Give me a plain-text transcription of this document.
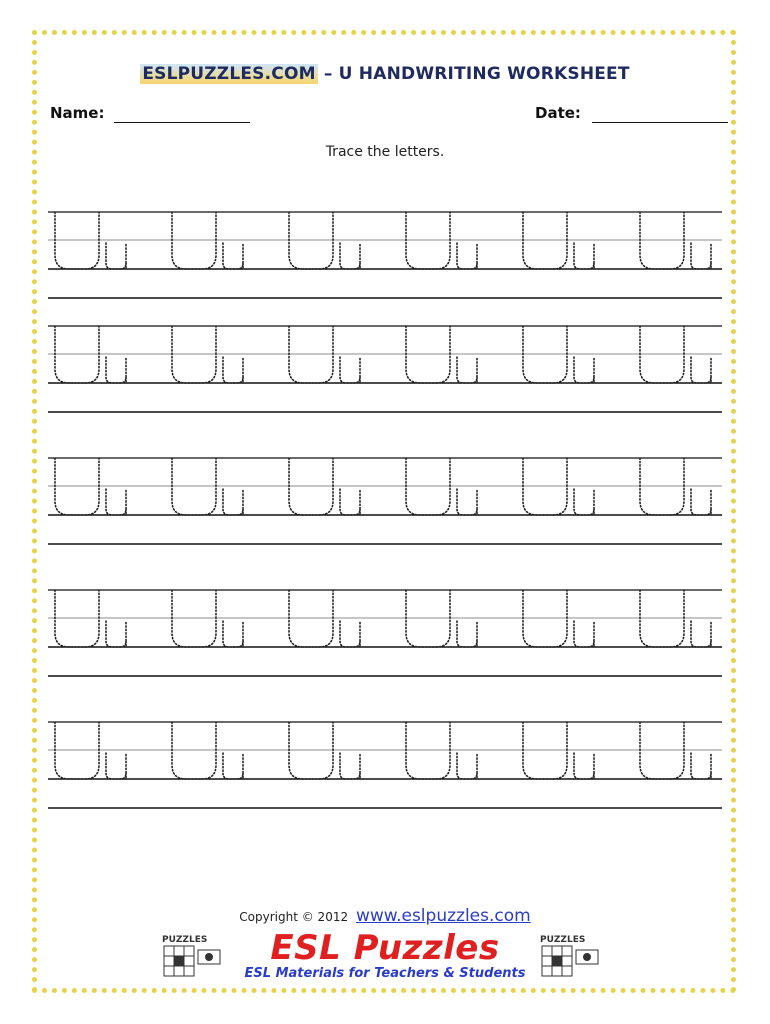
ESLPUZZLES.COM – U HANDWRITING WORKSHEET
Name:	Date:
Trace the letters.
Copyright © 2012 www.eslpuzzles.com
PUZZLES	PUZZLES
ESL Puzzles
ESL Materials for Teachers & Students
